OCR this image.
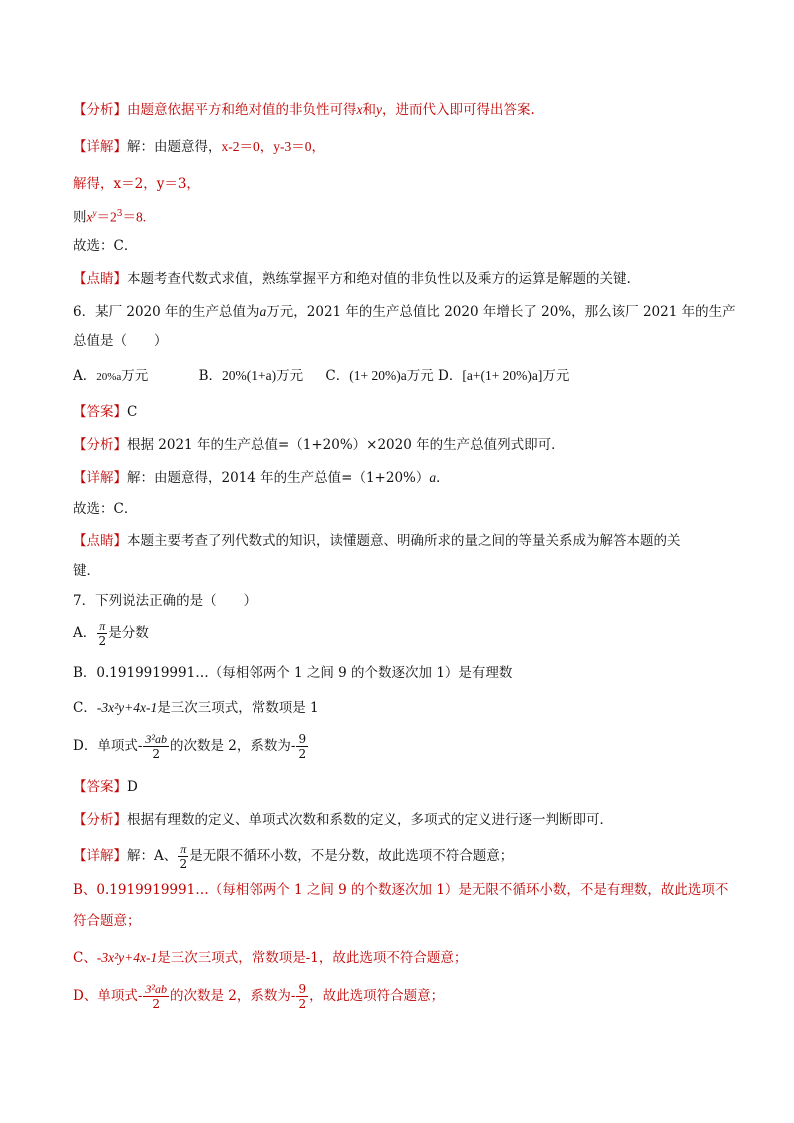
【分析】由题意依据平方和绝对值的非负性可得x和y，进而代入即可得出答案.
【详解】解：由题意得，x-2＝0，y-3＝0，
解得，x＝2，y＝3，
则$x^y=2^3=8$.
故选：C．
【点睛】本题考查代数式求值，熟练掌握平方和绝对值的非负性以及乘方的运算是解题的关键.
6．某厂 2020 年的生产总值为a万元，2021 年的生产总值比 2020 年增长了 20%，那么该厂 2021 年的生产
总值是（　　）
A．20%a万元	B．20%(1+a)万元 C．(1+ 20%)a万元 D．[a+(1+ 20%)a]万元
【答案】C
【分析】根据 2021 年的生产总值=（1+20%）×2020 年的生产总值列式即可．
【详解】解：由题意得，2014 年的生产总值=（1+20%）a．
故选：C．
【点睛】本题主要考查了列代数式的知识，读懂题意、明确所求的量之间的等量关系成为解答本题的关
键．
7．下列说法正确的是（　　）
A． $\frac{\pi}{2}$ 是分数
B．0.1919919991…（每相邻两个 1 之间 9 的个数逐次加 1）是有理数
C．-3x²y+4x-1是三次三项式，常数项是 1
D．单项式- $\frac{\text{3²ab}}{2}$ 的次数是 2，系数为- $\frac{9}{2}$
【答案】D
【分析】根据有理数的定义、单项式次数和系数的定义，多项式的定义进行逐一判断即可．
【详解】解：A、 $\frac{\pi}{2}$ 是无限不循环小数，不是分数，故此选项不符合题意；
B、0.1919919991…（每相邻两个 1 之间 9 的个数逐次加 1）是无限不循环小数，不是有理数，故此选项不
符合题意；
C、-3x²y+4x-1是三次三项式，常数项是-1，故此选项不符合题意；
D、单项式- $\frac{\text{3²ab}}{2}$ 的次数是 2，系数为- $\frac{9}{2}$ ，故此选项符合题意；
